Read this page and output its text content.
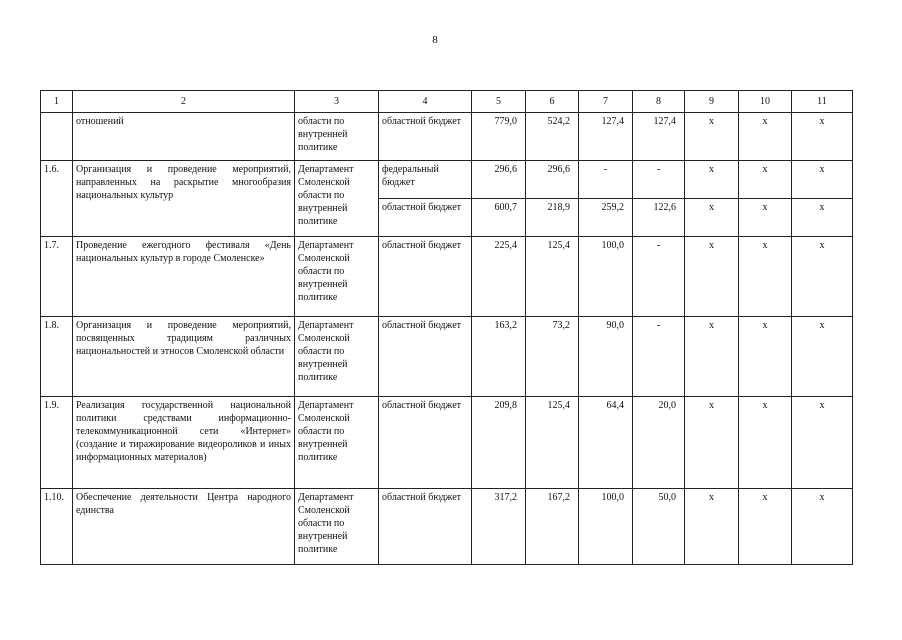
8
1	2	3	4	5	6	7	8	9	10	11
	отношений	области по внутренней политике	областной бюджет	779,0	524,2	127,4	127,4	х	х	х
1.6.	Организация и проведение мероприятий, направленных на раскрытие многообразия национальных культур	Департамент Смоленской области по внутренней политике	федеральный бюджет	296,6	296,6	-	-	х	х	х
			областной бюджет	600,7	218,9	259,2	122,6	х	х	х
1.7.	Проведение ежегодного фестиваля «День национальных культур в городе Смоленске»	Департамент Смоленской области по внутренней политике	областной бюджет	225,4	125,4	100,0	-	х	х	х
1.8.	Организация и проведение мероприятий, посвященных традициям различных национальностей и этносов Смоленской области	Департамент Смоленской области по внутренней политике	областной бюджет	163,2	73,2	90,0	-	х	х	х
1.9.	Реализация государственной национальной политики средствами информационно-телекоммуникационной сети «Интернет» (создание и тиражирование видеороликов и иных информационных материалов)	Департамент Смоленской области по внутренней политике	областной бюджет	209,8	125,4	64,4	20,0	х	х	х
1.10.	Обеспечение деятельности Центра народного единства	Департамент Смоленской области по внутренней политике	областной бюджет	317,2	167,2	100,0	50,0	х	х	х
